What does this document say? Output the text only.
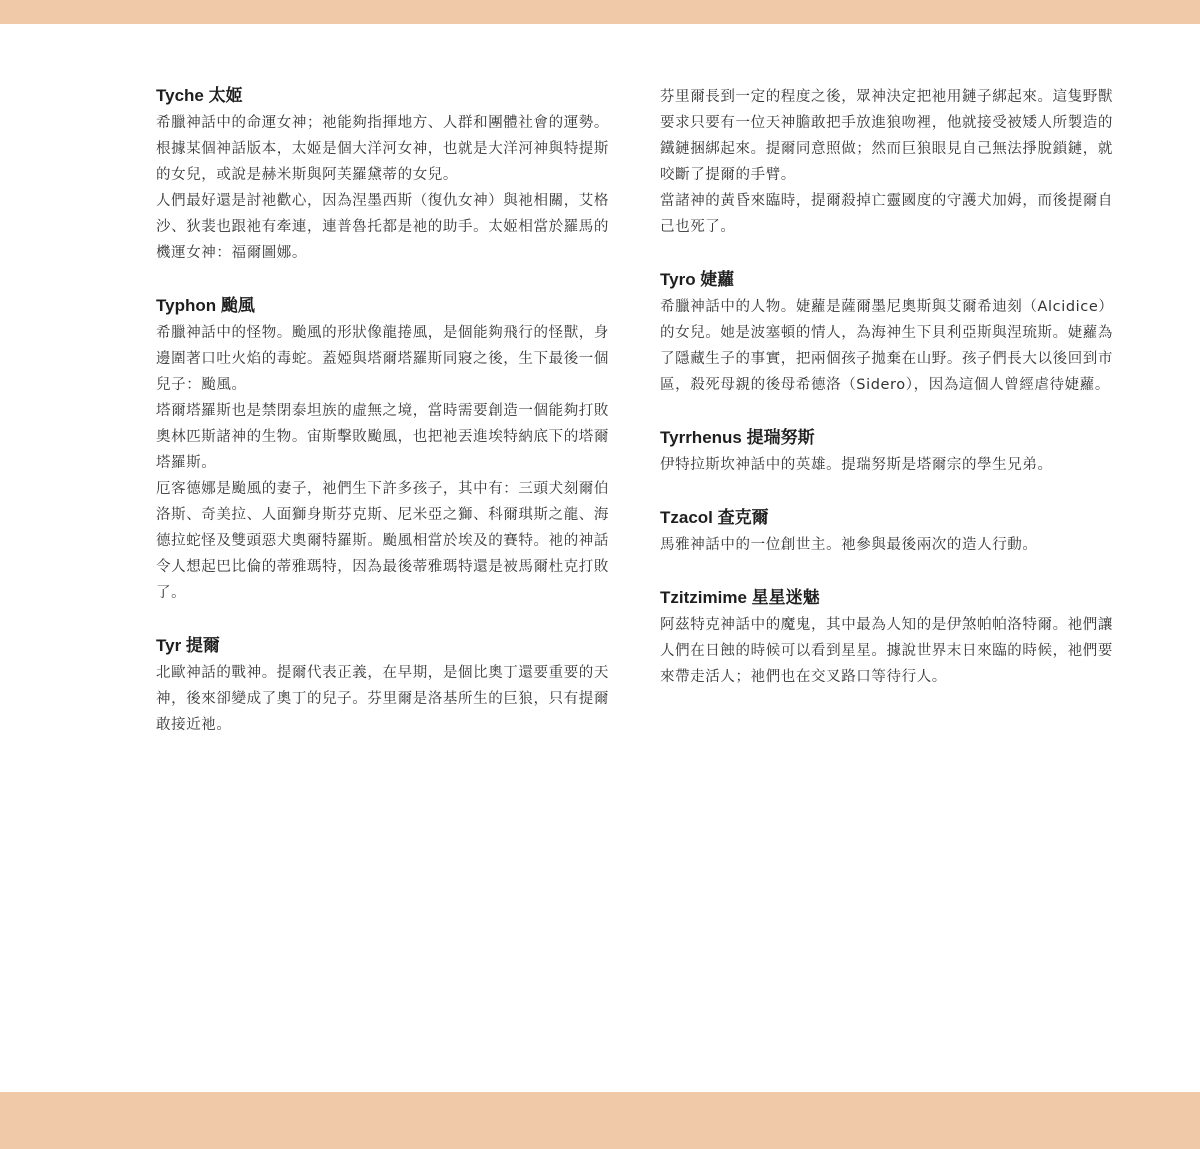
Tyche 太姬

希臘神話中的命運女神；祂能夠指揮地方、人群和團體社會的運勢。根據某個神話版本，太姬是個大洋河女神，也就是大洋河神與特提斯的女兒，或說是赫米斯與阿芙羅黛蒂的女兒。

人們最好還是討祂歡心，因為涅墨西斯（復仇女神）與祂相關，艾格沙、狄裴也跟祂有牽連，連普魯托都是祂的助手。太姬相當於羅馬的機運女神：福爾圖娜。

Typhon 颱風

希臘神話中的怪物。颱風的形狀像龍捲風，是個能夠飛行的怪獸，身邊圍著口吐火焰的毒蛇。蓋婭與塔爾塔羅斯同寢之後，生下最後一個兒子：颱風。

塔爾塔羅斯也是禁閉泰坦族的虛無之境，當時需要創造一個能夠打敗奧林匹斯諸神的生物。宙斯擊敗颱風，也把祂丟進埃特納底下的塔爾塔羅斯。

厄客德娜是颱風的妻子，祂們生下許多孩子，其中有：三頭犬刻爾伯洛斯、奇美拉、人面獅身斯芬克斯、尼米亞之獅、科爾琪斯之龍、海德拉蛇怪及雙頭惡犬奧爾特羅斯。颱風相當於埃及的賽特。祂的神話令人想起巴比倫的蒂雅瑪特，因為最後蒂雅瑪特還是被馬爾杜克打敗了。

Tyr 提爾

北歐神話的戰神。提爾代表正義，在早期，是個比奧丁還要重要的天神，後來卻變成了奧丁的兒子。芬里爾是洛基所生的巨狼，只有提爾敢接近祂。

芬里爾長到一定的程度之後，眾神決定把祂用鏈子綁起來。這隻野獸要求只要有一位天神膽敢把手放進狼吻裡，他就接受被矮人所製造的鐵鏈捆綁起來。提爾同意照做；然而巨狼眼見自己無法掙脫鎖鏈，就咬斷了提爾的手臂。

當諸神的黃昏來臨時，提爾殺掉亡靈國度的守護犬加姆，而後提爾自己也死了。

Tyro 婕蘿

希臘神話中的人物。婕蘿是薩爾墨尼奧斯與艾爾希迪刻（Alcidice）的女兒。她是波塞頓的情人，為海神生下貝利亞斯與涅琉斯。婕蘿為了隱藏生子的事實，把兩個孩子拋棄在山野。孩子們長大以後回到市區，殺死母親的後母希德洛（Sidero），因為這個人曾經虐待婕蘿。

Tyrrhenus 提瑞努斯

伊特拉斯坎神話中的英雄。提瑞努斯是塔爾宗的學生兄弟。

Tzacol 查克爾

馬雅神話中的一位創世主。祂參與最後兩次的造人行動。

Tzitzimime 星星迷魅

阿茲特克神話中的魔鬼，其中最為人知的是伊煞帕帕洛特爾。祂們讓人們在日蝕的時候可以看到星星。據說世界末日來臨的時候，祂們要來帶走活人；祂們也在交叉路口等待行人。
